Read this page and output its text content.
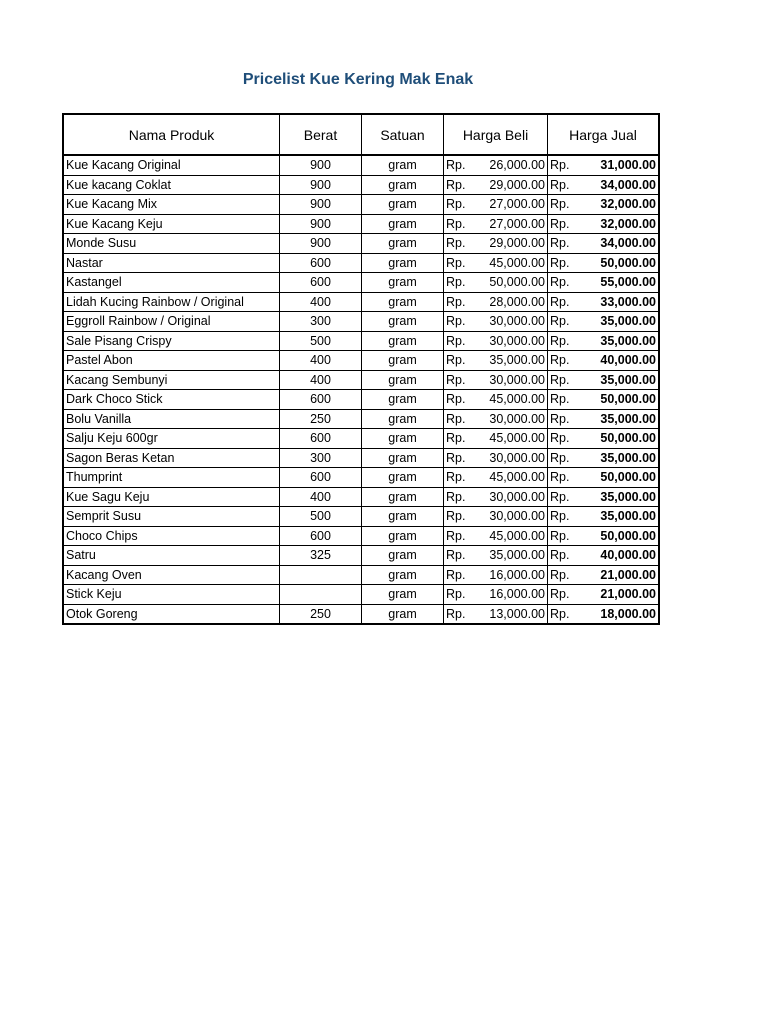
Pricelist Kue Kering Mak Enak
Nama Produk	Berat	Satuan	Harga Beli	Harga Jual
Kue Kacang Original	900	gram	Rp. 26,000.00	Rp. 31,000.00

Kue kacang Coklat	900	gram	Rp. 29,000.00	Rp. 34,000.00

Kue Kacang Mix	900	gram	Rp. 27,000.00	Rp. 32,000.00

Kue Kacang Keju	900	gram	Rp. 27,000.00	Rp. 32,000.00

Monde Susu	900	gram	Rp. 29,000.00	Rp. 34,000.00

Nastar	600	gram	Rp. 45,000.00	Rp. 50,000.00

Kastangel	600	gram	Rp. 50,000.00	Rp. 55,000.00

Lidah Kucing Rainbow / Original	400	gram	Rp. 28,000.00	Rp. 33,000.00

Eggroll Rainbow / Original	300	gram	Rp. 30,000.00	Rp. 35,000.00

Sale Pisang Crispy	500	gram	Rp. 30,000.00	Rp. 35,000.00

Pastel Abon	400	gram	Rp. 35,000.00	Rp. 40,000.00

Kacang Sembunyi	400	gram	Rp. 30,000.00	Rp. 35,000.00

Dark Choco Stick	600	gram	Rp. 45,000.00	Rp. 50,000.00

Bolu Vanilla	250	gram	Rp. 30,000.00	Rp. 35,000.00

Salju Keju 600gr	600	gram	Rp. 45,000.00	Rp. 50,000.00

Sagon Beras Ketan	300	gram	Rp. 30,000.00	Rp. 35,000.00

Thumprint	600	gram	Rp. 45,000.00	Rp. 50,000.00

Kue Sagu Keju	400	gram	Rp. 30,000.00	Rp. 35,000.00

Semprit Susu	500	gram	Rp. 30,000.00	Rp. 35,000.00

Choco Chips	600	gram	Rp. 45,000.00	Rp. 50,000.00

Satru	325	gram	Rp. 35,000.00	Rp. 40,000.00

Kacang Oven		gram	Rp. 16,000.00	Rp. 21,000.00

Stick Keju		gram	Rp. 16,000.00	Rp. 21,000.00

Otok Goreng	250	gram	Rp. 13,000.00	Rp. 18,000.00
